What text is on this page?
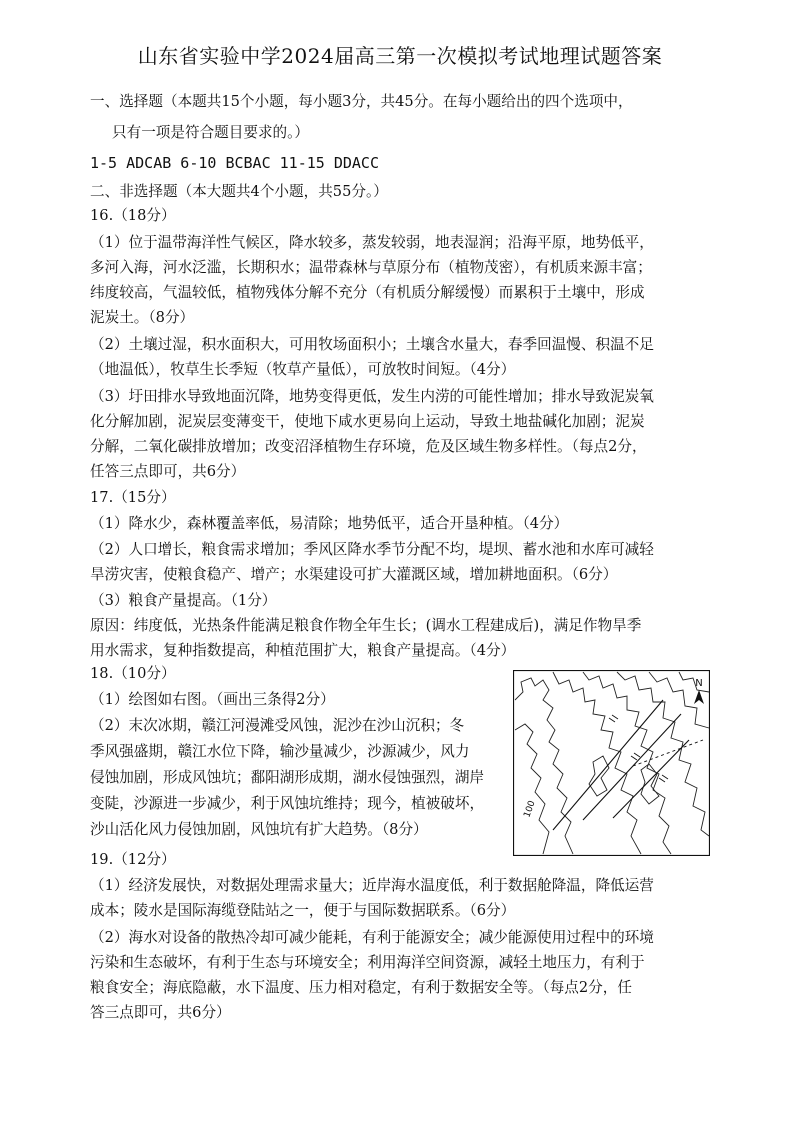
山东省实验中学2024届高三第一次模拟考试地理试题答案
一、选择题（本题共15个小题，每小题3分，共45分。在每小题给出的四个选项中，
只有一项是符合题目要求的。）
1-5 ADCAB 6-10 BCBAC 11-15 DDACC
二、非选择题（本大题共4个小题，共55分。）
16.（18分）
（1）位于温带海洋性气候区，降水较多，蒸发较弱，地表湿润；沿海平原，地势低平，
多河入海，河水泛滥，长期积水；温带森林与草原分布（植物茂密），有机质来源丰富；
纬度较高，气温较低，植物残体分解不充分（有机质分解缓慢）而累积于土壤中，形成
泥炭土。（8分）
（2）土壤过湿，积水面积大，可用牧场面积小；土壤含水量大，春季回温慢、积温不足
（地温低），牧草生长季短（牧草产量低），可放牧时间短。（4分）
（3）圩田排水导致地面沉降，地势变得更低，发生内涝的可能性增加；排水导致泥炭氧
化分解加剧，泥炭层变薄变干，使地下咸水更易向上运动，导致土地盐碱化加剧；泥炭
分解，二氧化碳排放增加；改变沼泽植物生存环境，危及区域生物多样性。（每点2分，
任答三点即可，共6分）
17.（15分）
（1）降水少，森林覆盖率低，易清除；地势低平，适合开垦种植。（4分）
（2）人口增长，粮食需求增加；季风区降水季节分配不均，堤坝、蓄水池和水库可减轻
旱涝灾害，使粮食稳产、增产；水渠建设可扩大灌溉区域，增加耕地面积。（6分）
（3）粮食产量提高。（1分）
原因：纬度低，光热条件能满足粮食作物全年生长；(调水工程建成后)，满足作物旱季
用水需求，复种指数提高，种植范围扩大，粮食产量提高。（4分）
18.（10分）
（1）绘图如右图。（画出三条得2分）
（2）末次冰期，赣江河漫滩受风蚀，泥沙在沙山沉积；冬
季风强盛期，赣江水位下降，输沙量减少，沙源减少，风力
侵蚀加剧，形成风蚀坑；鄱阳湖形成期，湖水侵蚀强烈，湖岸
变陡，沙源进一步减少，利于风蚀坑维持；现今，植被破坏，
沙山活化风力侵蚀加剧，风蚀坑有扩大趋势。（8分）
N
100
19.（12分）
（1）经济发展快，对数据处理需求量大；近岸海水温度低，利于数据舱降温，降低运营
成本；陵水是国际海缆登陆站之一，便于与国际数据联系。（6分）
（2）海水对设备的散热冷却可减少能耗，有利于能源安全；减少能源使用过程中的环境
污染和生态破坏，有利于生态与环境安全；利用海洋空间资源，减轻土地压力，有利于
粮食安全；海底隐蔽，水下温度、压力相对稳定，有利于数据安全等。（每点2分，任
答三点即可，共6分）
